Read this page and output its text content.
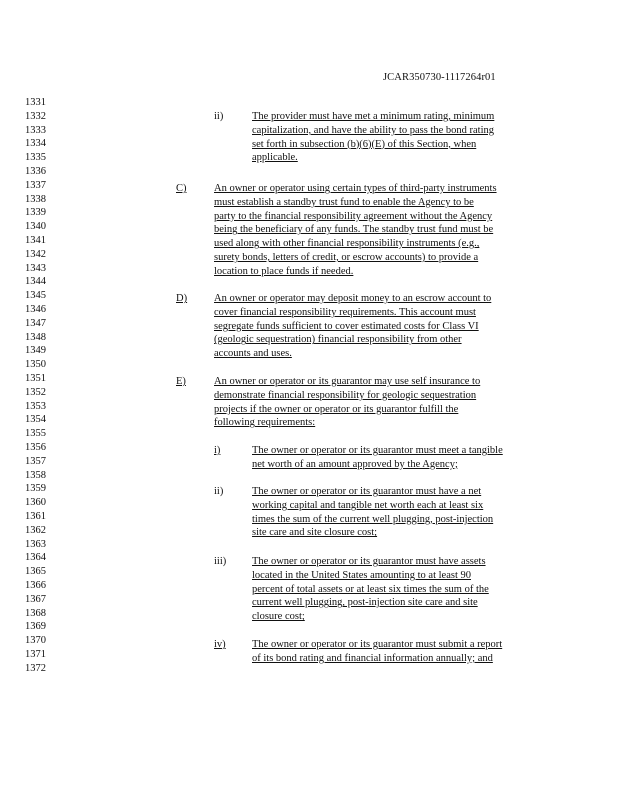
JCAR350730-1117264r01
1331
1332
1333
1334
1335
1336
1337
1338
1339
1340
1341
1342
1343
1344
1345
1346
1347
1348
1349
1350
1351
1352
1353
1354
1355
1356
1357
1358
1359
1360
1361
1362
1363
1364
1365
1366
1367
1368
1369
1370
1371
1372
ii)
C)
D)
E)
i)
ii)
iii)
iv)
The provider must have met a minimum rating, minimum
capitalization, and have the ability to pass the bond rating
set forth in subsection (b)(6)(E) of this Section, when
applicable.
An owner or operator using certain types of third-party instruments
must establish a standby trust fund to enable the Agency to be
party to the financial responsibility agreement without the Agency
being the beneficiary of any funds. The standby trust fund must be
used along with other financial responsibility instruments (e.g.,
surety bonds, letters of credit, or escrow accounts) to provide a
location to place funds if needed.
An owner or operator may deposit money to an escrow account to
cover financial responsibility requirements. This account must
segregate funds sufficient to cover estimated costs for Class VI
(geologic sequestration) financial responsibility from other
accounts and uses.
An owner or operator or its guarantor may use self insurance to
demonstrate financial responsibility for geologic sequestration
projects if the owner or operator or its guarantor fulfill the
following requirements:
The owner or operator or its guarantor must meet a tangible
net worth of an amount approved by the Agency;
The owner or operator or its guarantor must have a net
working capital and tangible net worth each at least six
times the sum of the current well plugging, post-injection
site care and site closure cost;
The owner or operator or its guarantor must have assets
located in the United States amounting to at least 90
percent of total assets or at least six times the sum of the
current well plugging, post-injection site care and site
closure cost;
The owner or operator or its guarantor must submit a report
of its bond rating and financial information annually; and
